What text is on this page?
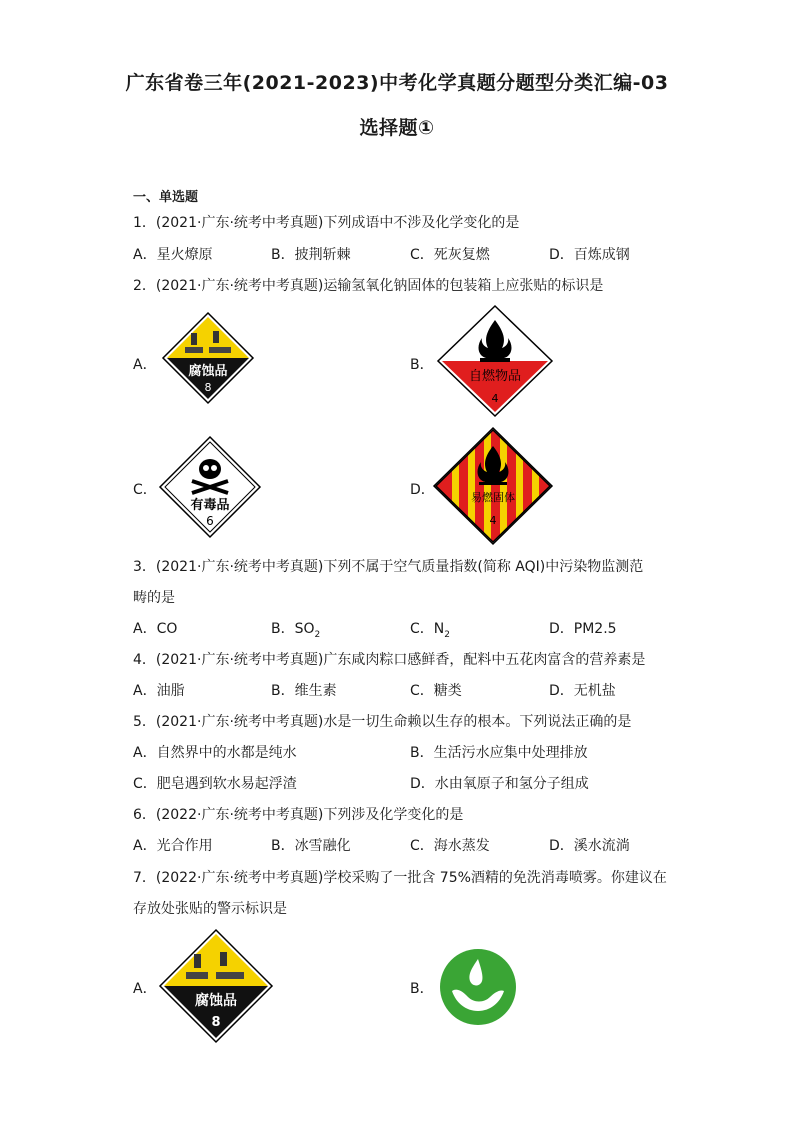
广东省卷三年(2021-2023)中考化学真题分题型分类汇编-03
选择题①
一、单选题
1．(2021·广东·统考中考真题)下列成语中不涉及化学变化的是
A．星火燎原	B．披荆斩棘	C．死灰复燃	D．百炼成钢
2．(2021·广东·统考中考真题)运输氢氧化钠固体的包装箱上应张贴的标识是
A． 腐蚀品
8
B．
自燃物品
4
C．
有毒品
6
D．	易燃固体
4
3．(2021·广东·统考中考真题)下列不属于空气质量指数(简称 AQI)中污染物监测范
畴的是
A．CO	B．$SO_2$	C．$N_2$	D．PM2.5
4．(2021·广东·统考中考真题)广东咸肉粽口感鲜香，配料中五花肉富含的营养素是
A．油脂	B．维生素	C．糖类	D．无机盐
5．(2021·广东·统考中考真题)水是一切生命赖以生存的根本。下列说法正确的是
A．自然界中的水都是纯水	B．生活污水应集中处理排放
C．肥皂遇到软水易起浮渣	D．水由氧原子和氢分子组成
6．(2022·广东·统考中考真题)下列涉及化学变化的是
A．光合作用	B．冰雪融化	C．海水蒸发	D．溪水流淌
7．(2022·广东·统考中考真题)学校采购了一批含 75%酒精的免洗消毒喷雾。你建议在
存放处张贴的警示标识是
A．
腐蚀品
8
B．
